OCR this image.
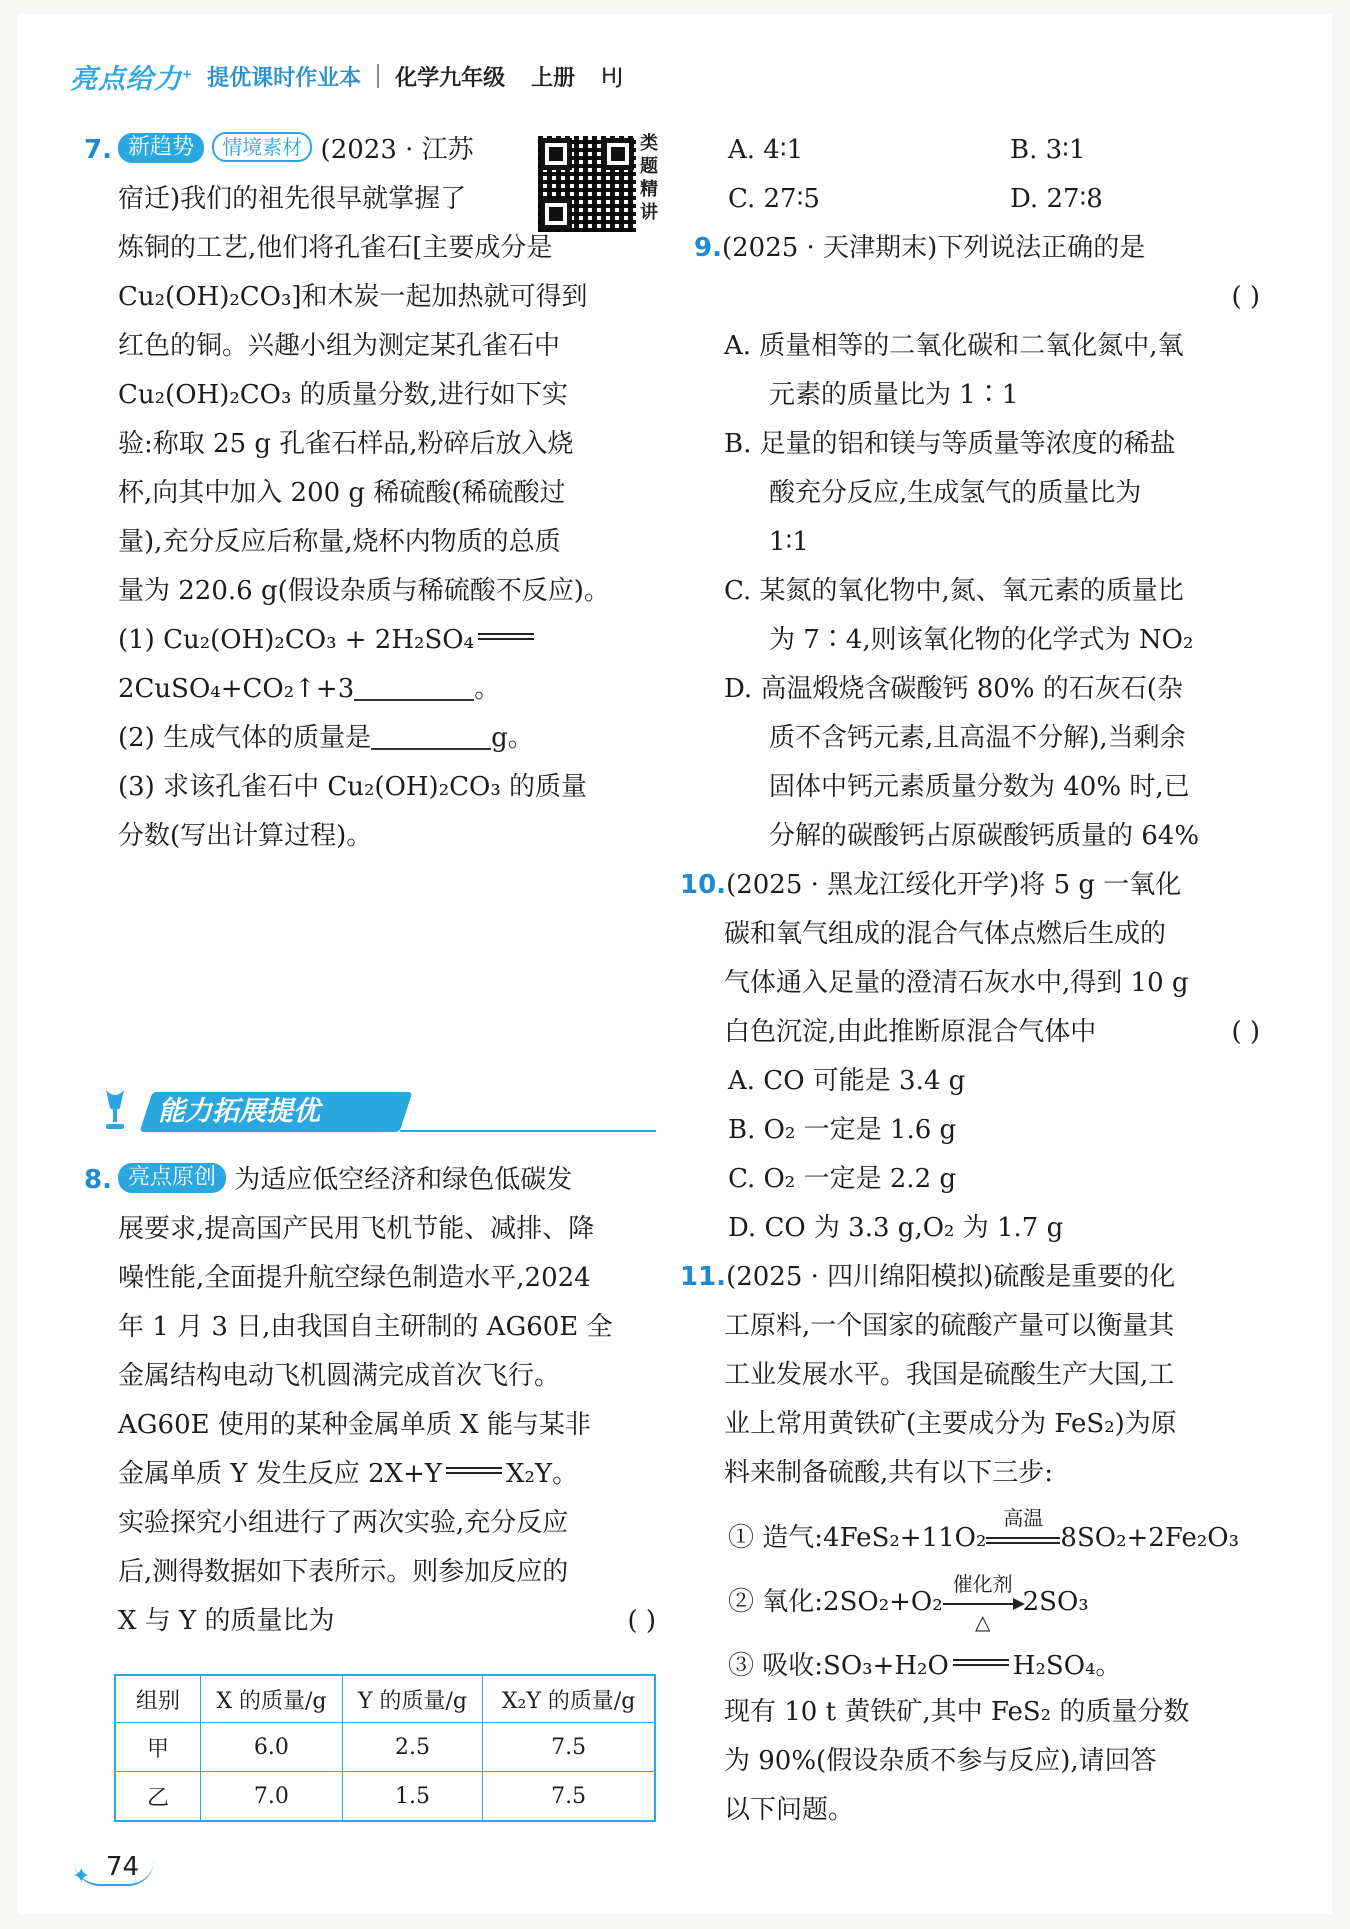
亮点给力+ 提优课时作业本 化学九年级 上册 HJ
类题精讲
7. 新趋势 情境素材 (2023 · 江苏
宿迁)我们的祖先很早就掌握了
炼铜的工艺,他们将孔雀石[主要成分是
Cu₂(OH)₂CO₃]和木炭一起加热就可得到
红色的铜。兴趣小组为测定某孔雀石中
Cu₂(OH)₂CO₃ 的质量分数,进行如下实
验:称取 25 g 孔雀石样品,粉碎后放入烧
杯,向其中加入 200 g 稀硫酸(稀硫酸过
量),充分反应后称量,烧杯内物质的总质
量为 220.6 g(假设杂质与稀硫酸不反应)。
(1) Cu₂(OH)₂CO₃ + 2H₂SO₄
2CuSO₄+CO₂↑+3	。
(2) 生成气体的质量是	g。
(3) 求该孔雀石中 Cu₂(OH)₂CO₃ 的质量
分数(写出计算过程)。
能力拓展提优
8. 亮点原创 为适应低空经济和绿色低碳发
展要求,提高国产民用飞机节能、减排、降
噪性能,全面提升航空绿色制造水平,2024
年 1 月 3 日,由我国自主研制的 AG60E 全
金属结构电动飞机圆满完成首次飞行。
AG60E 使用的某种金属单质 X 能与某非
金属单质 Y 发生反应 2X+Y X₂Y。
实验探究小组进行了两次实验,充分反应
后,测得数据如下表所示。则参加反应的
X 与 Y 的质量比为	( )
组别	X 的质量/g	Y 的质量/g	X₂Y 的质量/g
甲	6.0	2.5	7.5
乙	7.0	1.5	7.5
✦ 74
A. 4∶1	B. 3∶1
C. 27∶5	D. 27∶8
9.(2025 · 天津期末)下列说法正确的是
( )
A. 质量相等的二氧化碳和二氧化氮中,氧
元素的质量比为 1∶1
B. 足量的铝和镁与等质量等浓度的稀盐
酸充分反应,生成氢气的质量比为
1∶1
C. 某氮的氧化物中,氮、氧元素的质量比
为 7∶4,则该氧化物的化学式为 NO₂
D. 高温煅烧含碳酸钙 80% 的石灰石(杂
质不含钙元素,且高温不分解),当剩余
固体中钙元素质量分数为 40% 时,已
分解的碳酸钙占原碳酸钙质量的 64%
10.(2025 · 黑龙江绥化开学)将 5 g 一氧化
碳和氧气组成的混合气体点燃后生成的
气体通入足量的澄清石灰水中,得到 10 g
白色沉淀,由此推断原混合气体中	( )
A. CO 可能是 3.4 g
B. O₂ 一定是 1.6 g
C. O₂ 一定是 2.2 g
D. CO 为 3.3 g,O₂ 为 1.7 g
11.(2025 · 四川绵阳模拟)硫酸是重要的化
工原料,一个国家的硫酸产量可以衡量其
工业发展水平。我国是硫酸生产大国,工
业上常用黄铁矿(主要成分为 FeS₂)为原
料来制备硫酸,共有以下三步:
① 造气:4FeS₂+11O₂
高温
8SO₂+2Fe₂O₃
② 氧化:2SO₂+O₂
催化剂
△
2SO₃
③ 吸收:SO₃+H₂O H₂SO₄。
现有 10 t 黄铁矿,其中 FeS₂ 的质量分数
为 90%(假设杂质不参与反应),请回答
以下问题。
